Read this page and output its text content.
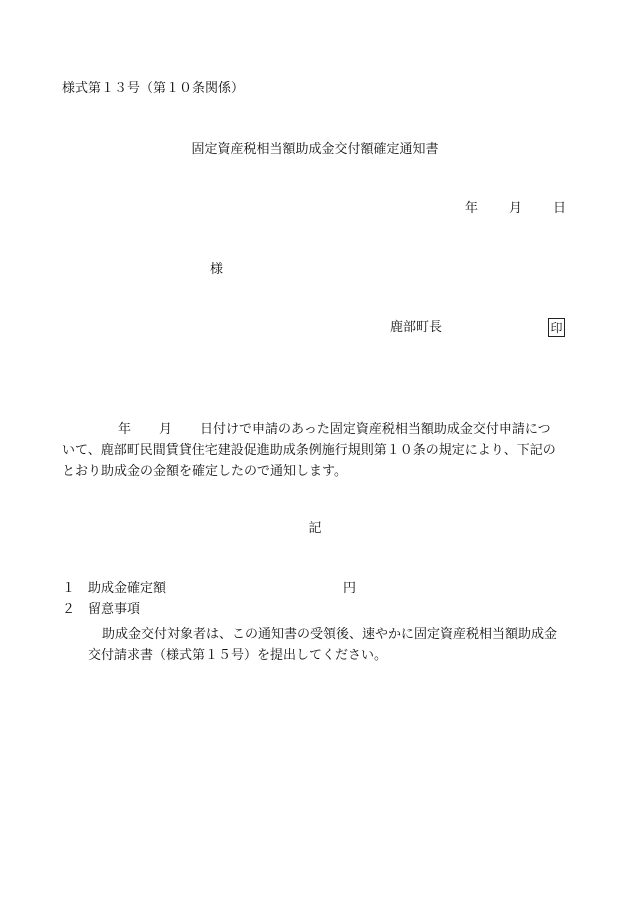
様式第１３号（第１０条関係）
固定資産税相当額助成金交付額確定通知書
年	月	日
様
鹿部町長	印
年 月 日付けで申請のあった固定資産税相当額助成金交付申請につ
いて、鹿部町民間賃貸住宅建設促進助成条例施行規則第１０条の規定により、下記の
とおり助成金の金額を確定したので通知します。
記
１ 助成金確定額	円
２ 留意事項
助成金交付対象者は、この通知書の受領後、速やかに固定資産税相当額助成金
交付請求書（様式第１５号）を提出してください。
